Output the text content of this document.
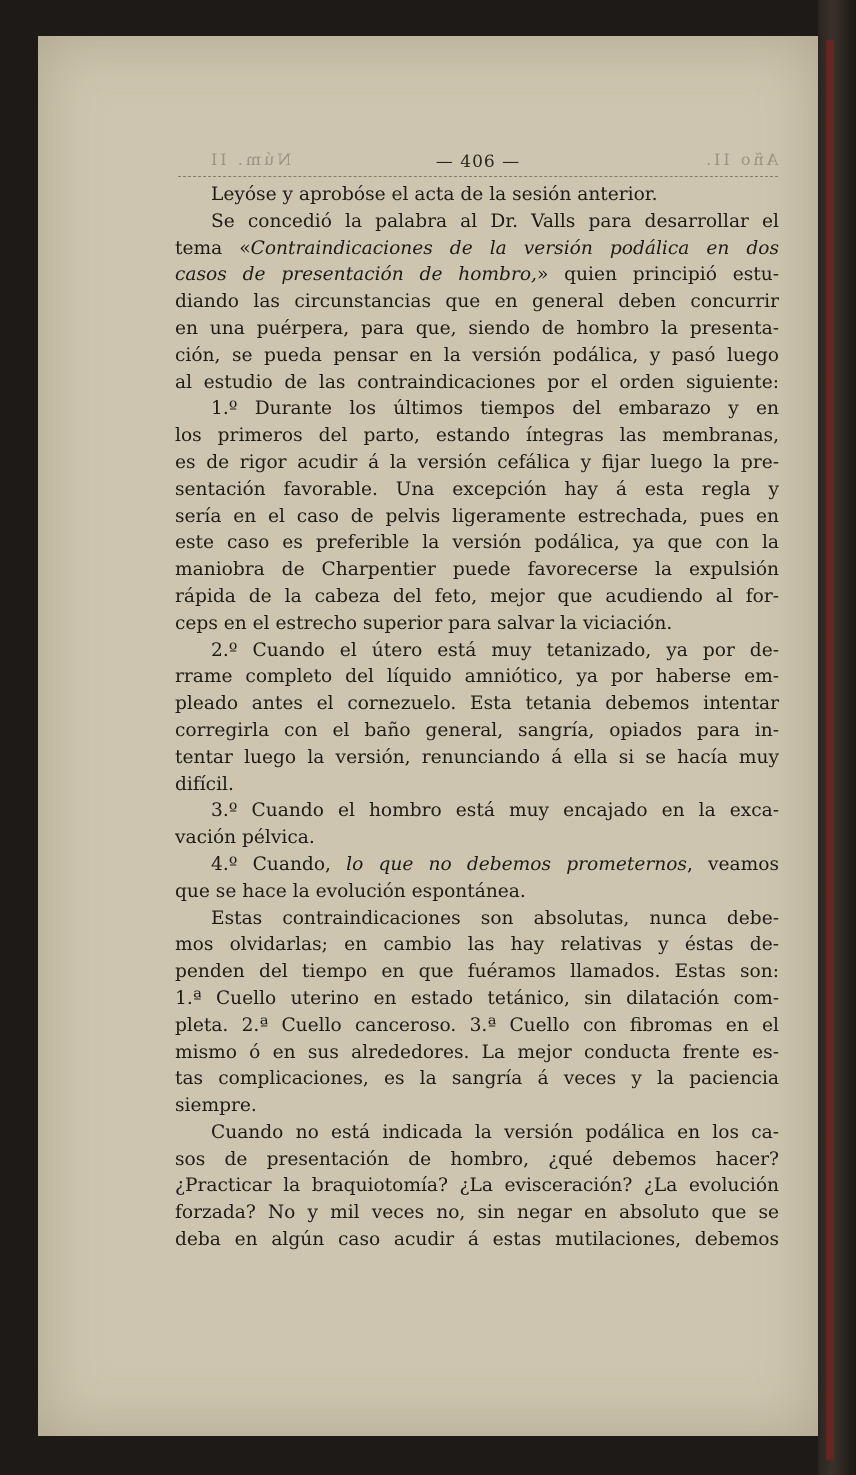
Núm. II	— 406 —	Año II.
Leyóse y aprobóse el acta de la sesión anterior.
Se concedió la palabra al Dr. Valls para desarrollar el
tema «Contraindicaciones de la versión podálica en dos
casos de presentación de hombro,» quien principió estu-
diando las circunstancias que en general deben concurrir
en una puérpera, para que, siendo de hombro la presenta-
ción, se pueda pensar en la versión podálica, y pasó luego
al estudio de las contraindicaciones por el orden siguiente:
1.º Durante los últimos tiempos del embarazo y en
los primeros del parto, estando íntegras las membranas,
es de rigor acudir á la versión cefálica y fijar luego la pre-
sentación favorable. Una excepción hay á esta regla y
sería en el caso de pelvis ligeramente estrechada, pues en
este caso es preferible la versión podálica, ya que con la
maniobra de Charpentier puede favorecerse la expulsión
rápida de la cabeza del feto, mejor que acudiendo al for-
ceps en el estrecho superior para salvar la viciación.
2.º Cuando el útero está muy tetanizado, ya por de-
rrame completo del líquido amniótico, ya por haberse em-
pleado antes el cornezuelo. Esta tetania debemos intentar
corregirla con el baño general, sangría, opiados para in-
tentar luego la versión, renunciando á ella si se hacía muy
difícil.
3.º Cuando el hombro está muy encajado en la exca-
vación pélvica.
4.º Cuando, lo que no debemos prometernos, veamos
que se hace la evolución espontánea.
Estas contraindicaciones son absolutas, nunca debe-
mos olvidarlas; en cambio las hay relativas y éstas de-
penden del tiempo en que fuéramos llamados. Estas son:
1.ª Cuello uterino en estado tetánico, sin dilatación com-
pleta. 2.ª Cuello canceroso. 3.ª Cuello con fibromas en el
mismo ó en sus alrededores. La mejor conducta frente es-
tas complicaciones, es la sangría á veces y la paciencia
siempre.
Cuando no está indicada la versión podálica en los ca-
sos de presentación de hombro, ¿qué debemos hacer?
¿Practicar la braquiotomía? ¿La evisceración? ¿La evolución
forzada? No y mil veces no, sin negar en absoluto que se
deba en algún caso acudir á estas mutilaciones, debemos
